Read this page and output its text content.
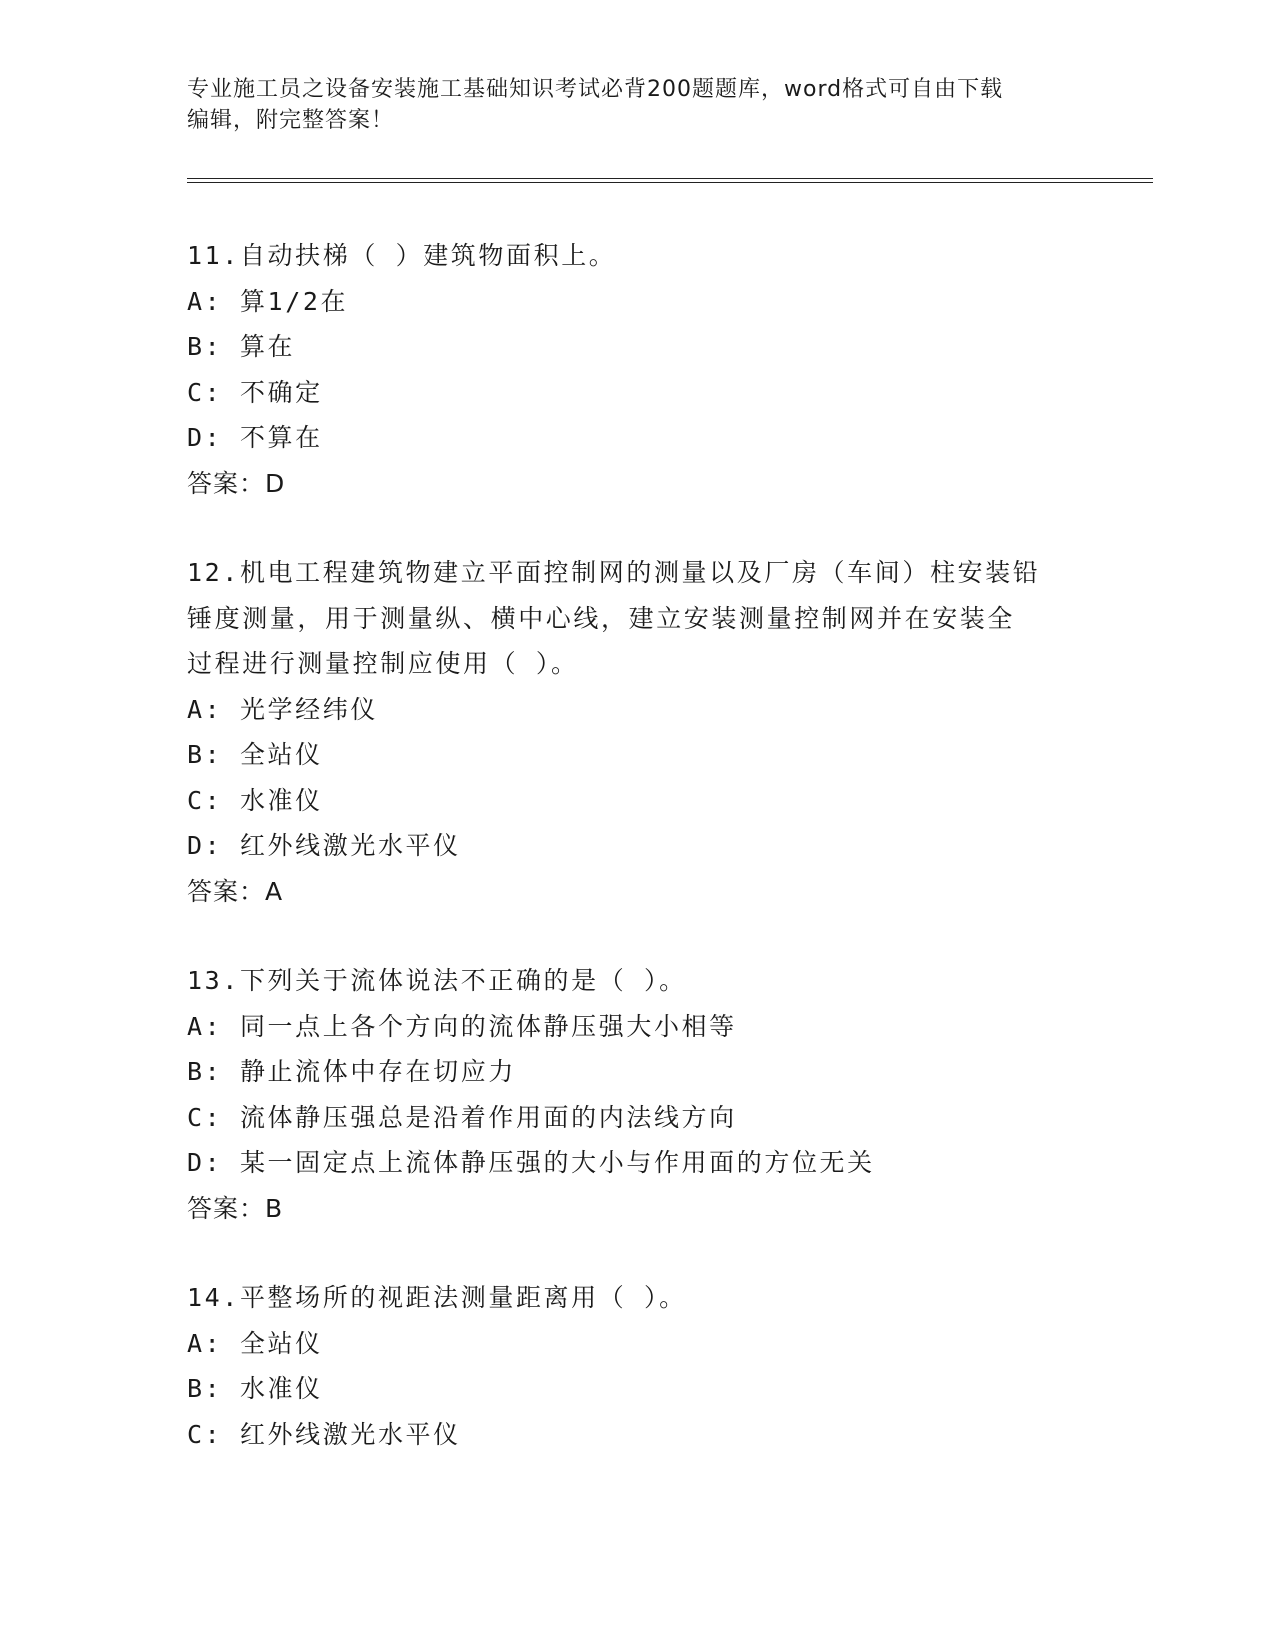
专业施工员之设备安装施工基础知识考试必背200题题库，word格式可自由下载
编辑，附完整答案！
11.自动扶梯（ ）建筑物面积上。
A: 算1/2在
B: 算在
C: 不确定
D: 不算在
答案：D
12.机电工程建筑物建立平面控制网的测量以及厂房（车间）柱安装铅
锤度测量，用于测量纵、横中心线，建立安装测量控制网并在安装全
过程进行测量控制应使用（ ）。
A: 光学经纬仪
B: 全站仪
C: 水准仪
D: 红外线激光水平仪
答案：A
13.下列关于流体说法不正确的是（ ）。
A: 同一点上各个方向的流体静压强大小相等
B: 静止流体中存在切应力
C: 流体静压强总是沿着作用面的内法线方向
D: 某一固定点上流体静压强的大小与作用面的方位无关
答案：B
14.平整场所的视距法测量距离用（ ）。
A: 全站仪
B: 水准仪
C: 红外线激光水平仪
